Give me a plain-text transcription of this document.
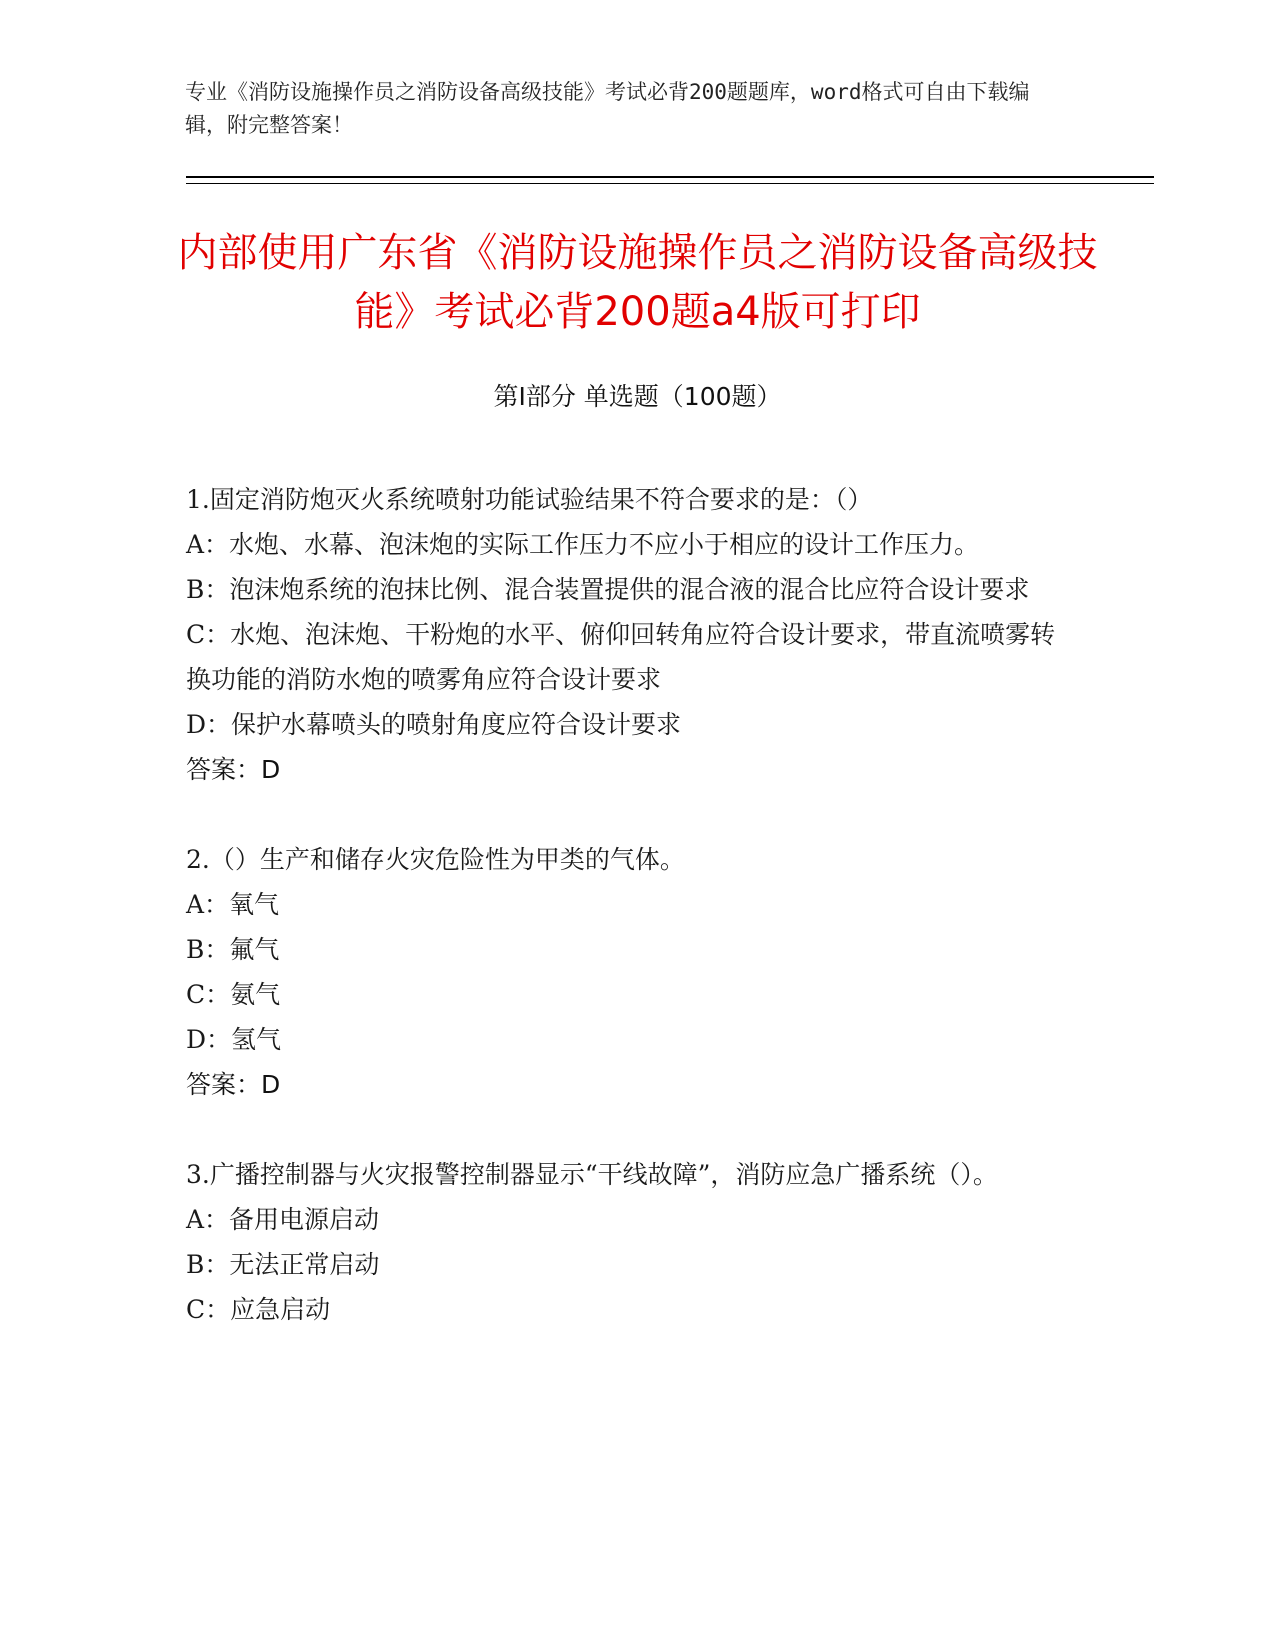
专业《消防设施操作员之消防设备高级技能》考试必背200题题库，word格式可自由下载编辑，附完整答案！
内部使用广东省《消防设施操作员之消防设备高级技能》考试必背200题a4版可打印
第I部分 单选题（100题）

1.固定消防炮灭火系统喷射功能试验结果不符合要求的是：（）

A：水炮、水幕、泡沫炮的实际工作压力不应小于相应的设计工作压力。

B：泡沫炮系统的泡抹比例、混合装置提供的混合液的混合比应符合设计要求

C：水炮、泡沫炮、干粉炮的水平、俯仰回转角应符合设计要求，带直流喷雾转换功能的消防水炮的喷雾角应符合设计要求

D：保护水幕喷头的喷射角度应符合设计要求

答案：D

2.（）生产和储存火灾危险性为甲类的气体。

A：氧气

B：氟气

C：氨气

D：氢气

答案：D

3.广播控制器与火灾报警控制器显示“干线故障”，消防应急广播系统（）。

A：备用电源启动

B：无法正常启动

C：应急启动
